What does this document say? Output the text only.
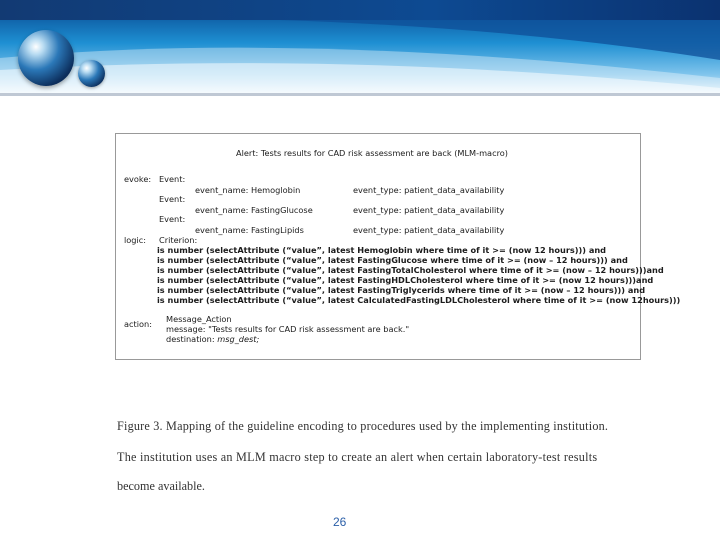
Alert: Tests results for CAD risk assessment are back (MLM-macro)
evoke: Event:
event_name: Hemoglobin	event_type: patient_data_availability
Event:
event_name: FastingGlucose	event_type: patient_data_availability
Event:
event_name: FastingLipids	event_type: patient_data_availability
logic: Criterion:
is number (selectAttribute (“value”, latest Hemoglobin where time of it >= (now 12 hours))) and
is number (selectAttribute (“value”, latest FastingGlucose where time of it >= (now – 12 hours))) and
is number (selectAttribute (“value”, latest FastingTotalCholesterol where time of it >= (now – 12 hours)))and
is number (selectAttribute (“value”, latest FastingHDLCholesterol where time of it >= (now 12 hours)))and
is number (selectAttribute (“value”, latest FastingTriglycerids where time of it >= (now – 12 hours))) and
is number (selectAttribute (“value”, latest CalculatedFastingLDLCholesterol where time of it >= (now 12hours)))
action: Message_Action
message: "Tests results for CAD risk assessment are back."
destination: msg_dest;
Figure 3. Mapping of the guideline encoding to procedures used by the implementing institution.
The institution uses an MLM macro step to create an alert when certain laboratory-test results
become available.
26
